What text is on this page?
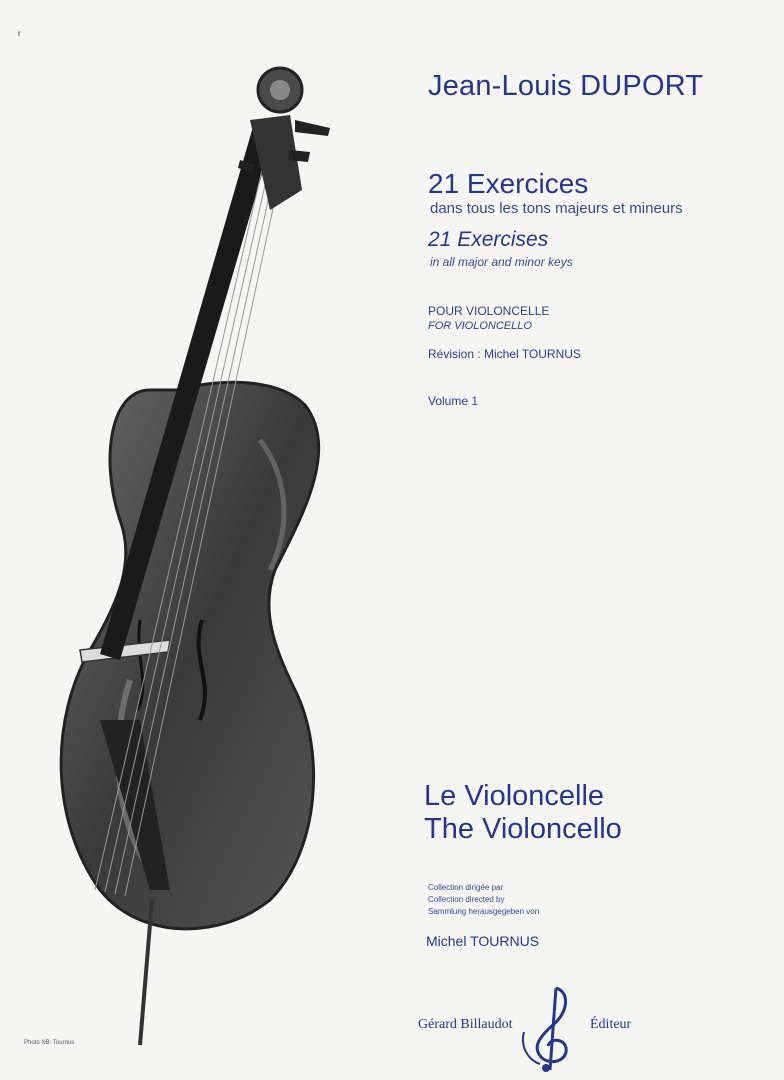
r
Jean-Louis DUPORT
21 Exercices
dans tous les tons majeurs et mineurs
21 Exercises
in all major and minor keys
POUR VIOLONCELLE
FOR VIOLONCELLO
Révision : Michel TOURNUS
Volume 1
Le Violoncelle
The Violoncello
Collection dirigée par
Collection directed by
Sammlung herausgegeben von
Michel TOURNUS
Gérard Billaudot	Éditeur
Photo NB: Tournus
